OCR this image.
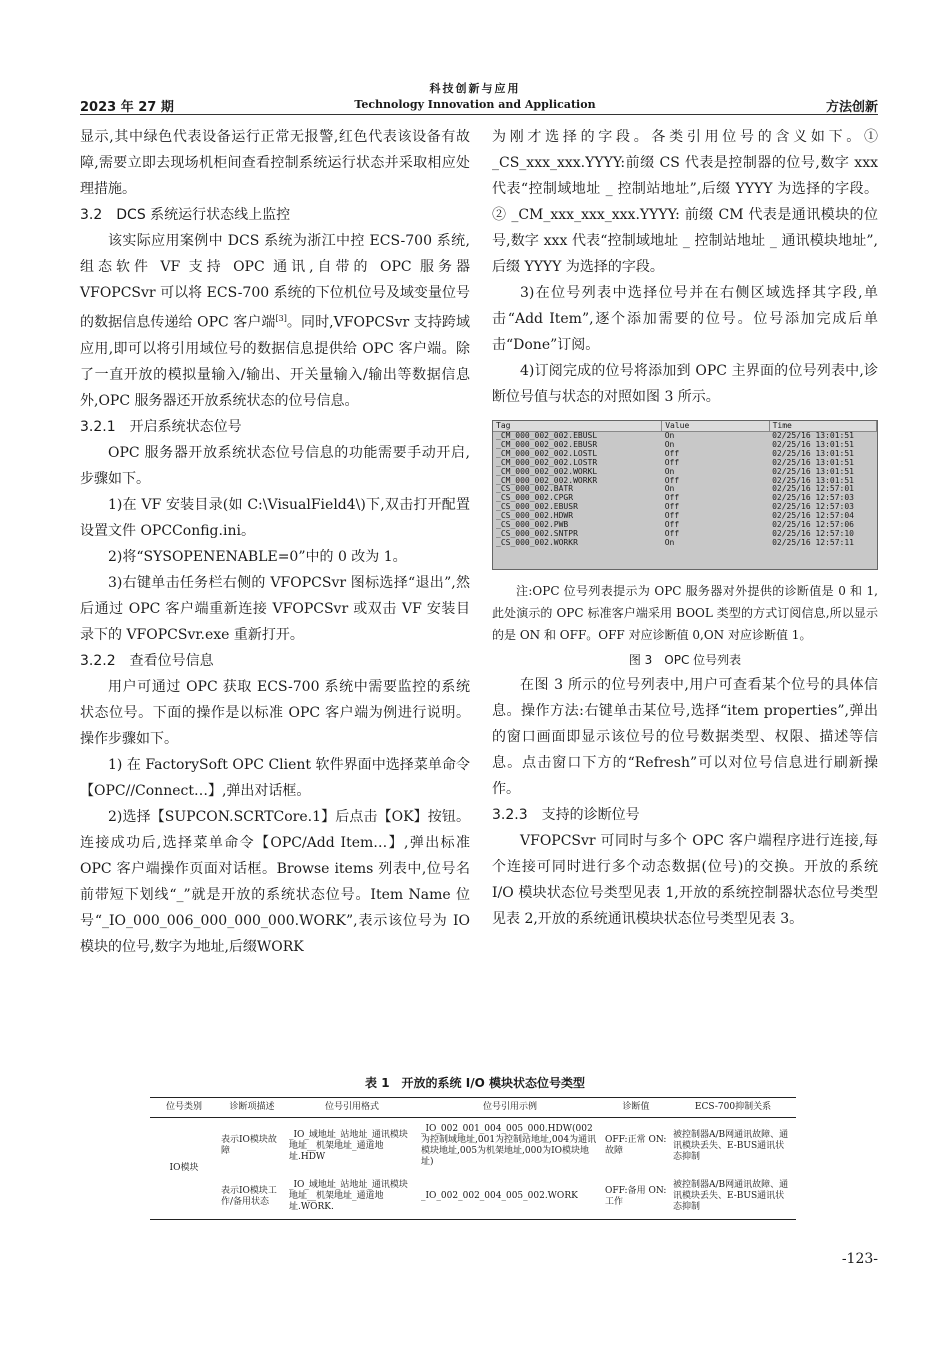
科技创新与应用
2023 年 27 期	Technology Innovation and Application	方法创新

显示,其中绿色代表设备运行正常无报警,红色代表该设备有故障,需要立即去现场机柜间查看控制系统运行状态并采取相应处理措施。

3.2　DCS 系统运行状态线上监控

该实际应用案例中 DCS 系统为浙江中控 ECS-700 系统,组态软件 VF 支持 OPC 通讯,自带的 OPC 服务器 VFOPCSvr 可以将 ECS-700 系统的下位机位号及域变量位号的数据信息传递给 OPC 客户端[3]。同时,VFOPCSvr 支持跨域应用,即可以将引用域位号的数据信息提供给 OPC 客户端。除了一直开放的模拟量输入/输出、开关量输入/输出等数据信息外,OPC 服务器还开放系统状态的位号信息。

3.2.1　开启系统状态位号

OPC 服务器开放系统状态位号信息的功能需要手动开启,步骤如下。

1)在 VF 安装目录(如 C:\VisualField4\)下,双击打开配置设置文件 OPCConfig.ini。

2)将“SYSOPENENABLE=0”中的 0 改为 1。

3)右键单击任务栏右侧的 VFOPCSvr 图标选择“退出”,然后通过 OPC 客户端重新连接 VFOPCSvr 或双击 VF 安装目录下的 VFOPCSvr.exe 重新打开。

3.2.2　查看位号信息

用户可通过 OPC 获取 ECS-700 系统中需要监控的系统状态位号。下面的操作是以标准 OPC 客户端为例进行说明。操作步骤如下。

1) 在 FactorySoft OPC Client 软件界面中选择菜单命令【OPC//Connect…】,弹出对话框。

2)选择【SUPCON.SCRTCore.1】后点击【OK】按钮。连接成功后,选择菜单命令【OPC/Add Item…】,弹出标准 OPC 客户端操作页面对话框。Browse items 列表中,位号名前带短下划线“_”就是开放的系统状态位号。Item Name 位号“_IO_000_006_000_000_000.WORK”,表示该位号为 IO 模块的位号,数字为地址,后缀WORK

为刚才选择的字段。各类引用位号的含义如下。① _CS_xxx_xxx.YYYY:前缀 CS 代表是控制器的位号,数字 xxx 代表“控制域地址 _ 控制站地址”,后缀 YYYY 为选择的字段。② _CM_xxx_xxx_xxx.YYYY: 前缀 CM 代表是通讯模块的位号,数字 xxx 代表“控制域地址 _ 控制站地址 _ 通讯模块地址”,后缀 YYYY 为选择的字段。

3)在位号列表中选择位号并在右侧区域选择其字段,单击“Add Item”,逐个添加需要的位号。位号添加完成后单击“Done”订阅。

4)订阅完成的位号将添加到 OPC 主界面的位号列表中,诊断位号值与状态的对照如图 3 所示。

Tag	Value	Time
_CM_000_002_002.EBUSL	On	02/25/16 13:01:51
_CM_000_002_002.EBUSR	On	02/25/16 13:01:51
_CM_000_002_002.LOSTL	Off	02/25/16 13:01:51
_CM_000_002_002.LOSTR	Off	02/25/16 13:01:51
_CM_000_002_002.WORKL	On	02/25/16 13:01:51
_CM_000_002_002.WORKR	Off	02/25/16 13:01:51
_CS_000_002.BATR	On	02/25/16 12:57:01
_CS_000_002.CPGR	Off	02/25/16 12:57:03
_CS_000_002.EBUSR	Off	02/25/16 12:57:03
_CS_000_002.HDWR	Off	02/25/16 12:57:04
_CS_000_002.PWB	Off	02/25/16 12:57:06
_CS_000_002.SNTPR	Off	02/25/16 12:57:10
_CS_000_002.WORKR	On	02/25/16 12:57:11
注:OPC 位号列表提示为 OPC 服务器对外提供的诊断值是 0 和 1,此处演示的 OPC 标准客户端采用 BOOL 类型的方式订阅信息,所以显示的是 ON 和 OFF。OFF 对应诊断值 0,ON 对应诊断值 1。
图 3　OPC 位号列表

在图 3 所示的位号列表中,用户可查看某个位号的具体信息。操作方法:右键单击某位号,选择“item properties”,弹出的窗口画面即显示该位号的位号数据类型、权限、描述等信息。点击窗口下方的“Refresh”可以对位号信息进行刷新操作。

3.2.3　支持的诊断位号

VFOPCSvr 可同时与多个 OPC 客户端程序进行连接,每个连接可同时进行多个动态数据(位号)的交换。开放的系统 I/O 模块状态位号类型见表 1,开放的系统控制器状态位号类型见表 2,开放的系统通讯模块状态位号类型见表 3。

表 1　开放的系统 I/O 模块状态位号类型
位号类别	诊断项描述	位号引用格式	位号引用示例	诊断值	ECS-700抑制关系
IO模块	表示IO模块故障	_IO_域地址_站地址_通讯模块地址__机架地址_通道地址.HDW	_IO_002_001_004_005_000.HDW(002为控制域地址,001为控制站地址,004为通讯模块地址,005为机架地址,000为IO模块地址)	OFF:正常 ON:故障	被控制器A/B网通讯故障、通讯模块丢失、E-BUS通讯状态抑制
	表示IO模块工作/备用状态	_IO_域地址_站地址_通讯模块地址__机架地址_通道地址.WORK.	_IO_002_002_004_005_002.WORK	OFF:备用 ON:工作	被控制器A/B网通讯故障、通讯模块丢失、E-BUS通讯状态抑制
-123-
